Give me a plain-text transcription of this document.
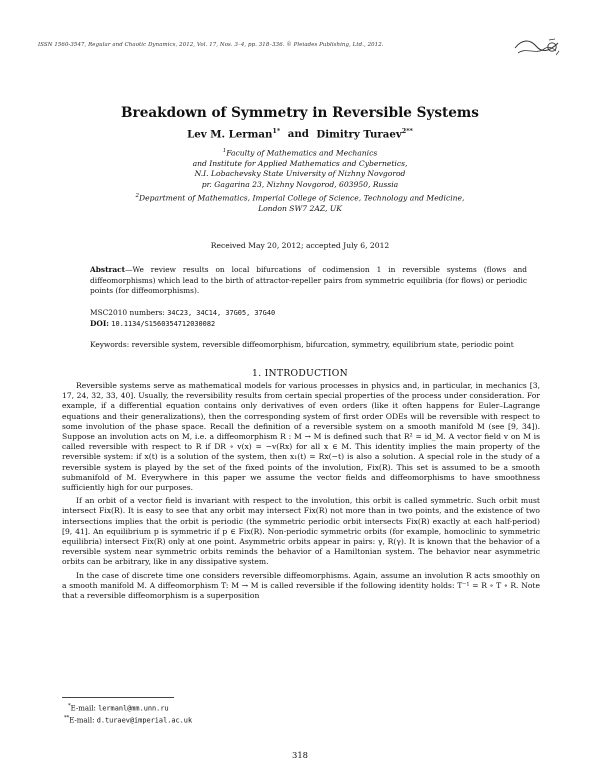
ISSN 1560-3547, Regular and Chaotic Dynamics, 2012, Vol. 17, Nos. 3–4, pp. 318–336. © Pleiades Publishing, Ltd., 2012.
Breakdown of Symmetry in Reversible Systems
Lev M. Lerman$^{1*}$ and Dimitry Turaev$^{2**}$
$^1$Faculty of Mathematics and Mechanics
and Institute for Applied Mathematics and Cybernetics,
N.I. Lobachevsky State University of Nizhny Novgorod
pr. Gagarina 23, Nizhny Novgorod, 603950, Russia
$^2$Department of Mathematics, Imperial College of Science, Technology and Medicine,
London SW7 2AZ, UK
Received May 20, 2012; accepted July 6, 2012
Abstract—We review results on local bifurcations of codimension 1 in reversible systems (flows and diffeomorphisms) which lead to the birth of attractor-repeller pairs from symmetric equilibria (for flows) or periodic points (for diffeomorphisms).
MSC2010 numbers: 34C23, 34C14, 37G05, 37G40
DOI: 10.1134/S1560354712030082
Keywords: reversible system, reversible diffeomorphism, bifurcation, symmetry, equilibrium state, periodic point
1. INTRODUCTION

Reversible systems serve as mathematical models for various processes in physics and, in particular, in mechanics [3, 17, 24, 32, 33, 40]. Usually, the reversibility results from certain special properties of the process under consideration. For example, if a differential equation contains only derivatives of even orders (like it often happens for Euler–Lagrange equations and their generalizations), then the corresponding system of first order ODEs will be reversible with respect to some involution of the phase space. Recall the definition of a reversible system on a smooth manifold M (see [9, 34]). Suppose an involution acts on M, i.e. a diffeomorphism R : M → M is defined such that R² = id_M. A vector field v on M is called reversible with respect to R if DR ∘ v(x) = −v(Rx) for all x ∈ M. This identity implies the main property of the reversible system: if x(t) is a solution of the system, then x₁(t) = Rx(−t) is also a solution. A special role in the study of a reversible system is played by the set of the fixed points of the involution, Fix(R). This set is assumed to be a smooth submanifold of M. Everywhere in this paper we assume the vector fields and diffeomorphisms to have smoothness sufficiently high for our purposes.

If an orbit of a vector field is invariant with respect to the involution, this orbit is called symmetric. Such orbit must intersect Fix(R). It is easy to see that any orbit may intersect Fix(R) not more than in two points, and the existence of two intersections implies that the orbit is periodic (the symmetric periodic orbit intersects Fix(R) exactly at each half-period) [9, 41]. An equilibrium p is symmetric if p ∈ Fix(R). Non-periodic symmetric orbits (for example, homoclinic to symmetric equilibria) intersect Fix(R) only at one point. Asymmetric orbits appear in pairs: γ, R(γ). It is known that the behavior of a reversible system near symmetric orbits reminds the behavior of a Hamiltonian system. The behavior near asymmetric orbits can be arbitrary, like in any dissipative system.

In the case of discrete time one considers reversible diffeomorphisms. Again, assume an involution R acts smoothly on a smooth manifold M. A diffeomorphism T: M → M is called reversible if the following identity holds: T⁻¹ = R ∘ T ∘ R. Note that a reversible diffeomorphism is a superposition

*E-mail: lermanl@mm.unn.ru
**E-mail: d.turaev@imperial.ac.uk
318
